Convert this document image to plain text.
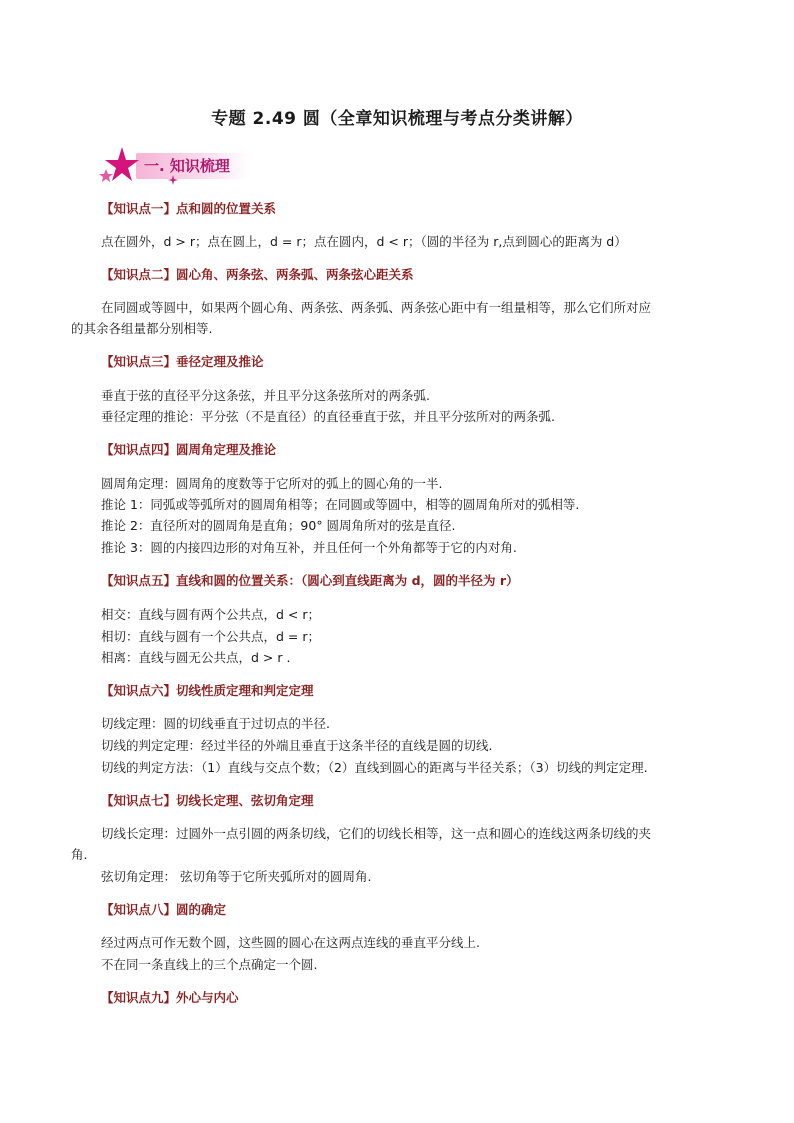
专题 2.49 圆（全章知识梳理与考点分类讲解）
一. 知识梳理
【知识点一】点和圆的位置关系
点在圆外，d > r；点在圆上，d = r；点在圆内，d < r；（圆的半径为 r,点到圆心的距离为 d）
【知识点二】圆心角、两条弦、两条弧、两条弦心距关系
在同圆或等圆中，如果两个圆心角、两条弦、两条弧、两条弦心距中有一组量相等，那么它们所对应
的其余各组量都分别相等.
【知识点三】垂径定理及推论
垂直于弦的直径平分这条弦，并且平分这条弦所对的两条弧.
垂径定理的推论：平分弦（不是直径）的直径垂直于弦，并且平分弦所对的两条弧.
【知识点四】圆周角定理及推论
圆周角定理：圆周角的度数等于它所对的弧上的圆心角的一半.
推论 1：同弧或等弧所对的圆周角相等；在同圆或等圆中，相等的圆周角所对的弧相等.
推论 2：直径所对的圆周角是直角；90° 圆周角所对的弦是直径.
推论 3：圆的内接四边形的对角互补，并且任何一个外角都等于它的内对角.
【知识点五】直线和圆的位置关系：（圆心到直线距离为 d，圆的半径为 r）
相交：直线与圆有两个公共点，d < r；
相切：直线与圆有一个公共点，d = r；
相离：直线与圆无公共点，d > r .
【知识点六】切线性质定理和判定定理
切线定理：圆的切线垂直于过切点的半径.
切线的判定定理：经过半径的外端且垂直于这条半径的直线是圆的切线.
切线的判定方法：（1）直线与交点个数；（2）直线到圆心的距离与半径关系；（3）切线的判定定理.
【知识点七】切线长定理、弦切角定理
切线长定理：过圆外一点引圆的两条切线，它们的切线长相等，这一点和圆心的连线这两条切线的夹
角.
弦切角定理： 弦切角等于它所夹弧所对的圆周角.
【知识点八】圆的确定
经过两点可作无数个圆，这些圆的圆心在这两点连线的垂直平分线上.
不在同一条直线上的三个点确定一个圆.
【知识点九】外心与内心
